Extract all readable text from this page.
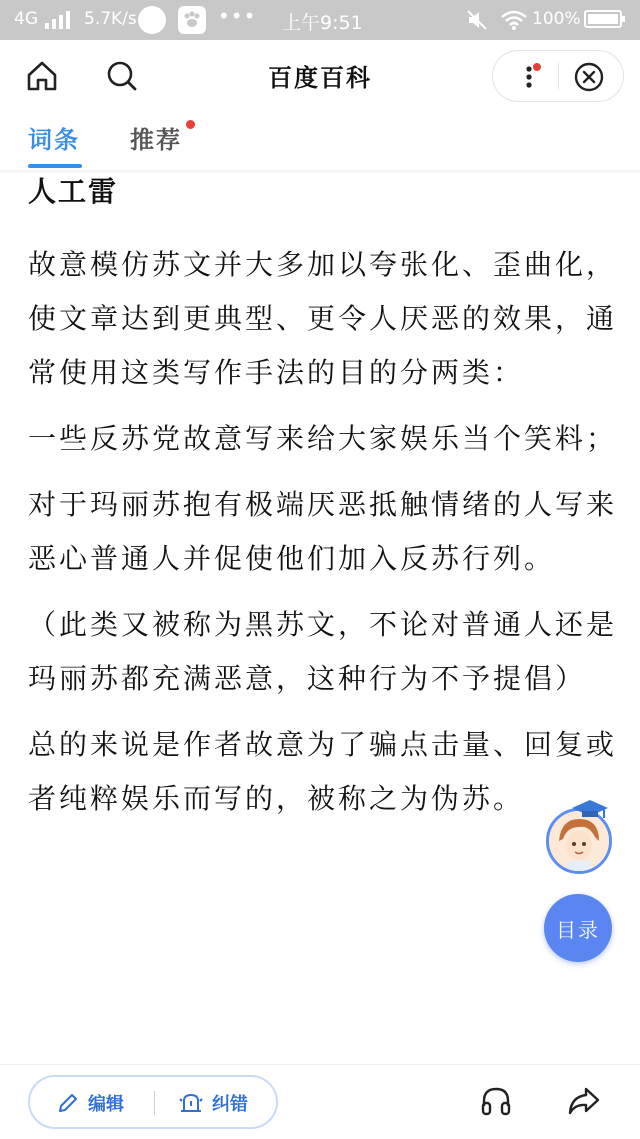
4G	5.7K/s	••• 上午9:51	100%
百度百科
词条 推荐
人工雷

故意模仿苏文并大多加以夸张化、歪曲化，使文章达到更典型、更令人厌恶的效果，通常使用这类写作手法的目的分两类：

一些反苏党故意写来给大家娱乐当个笑料；

对于玛丽苏抱有极端厌恶抵触情绪的人写来恶心普通人并促使他们加入反苏行列。

（此类又被称为黑苏文，不论对普通人还是玛丽苏都充满恶意，这种行为不予提倡）

总的来说是作者故意为了骗点击量、回复或者纯粹娱乐而写的，被称之为伪苏。

目录
编辑	纠错
